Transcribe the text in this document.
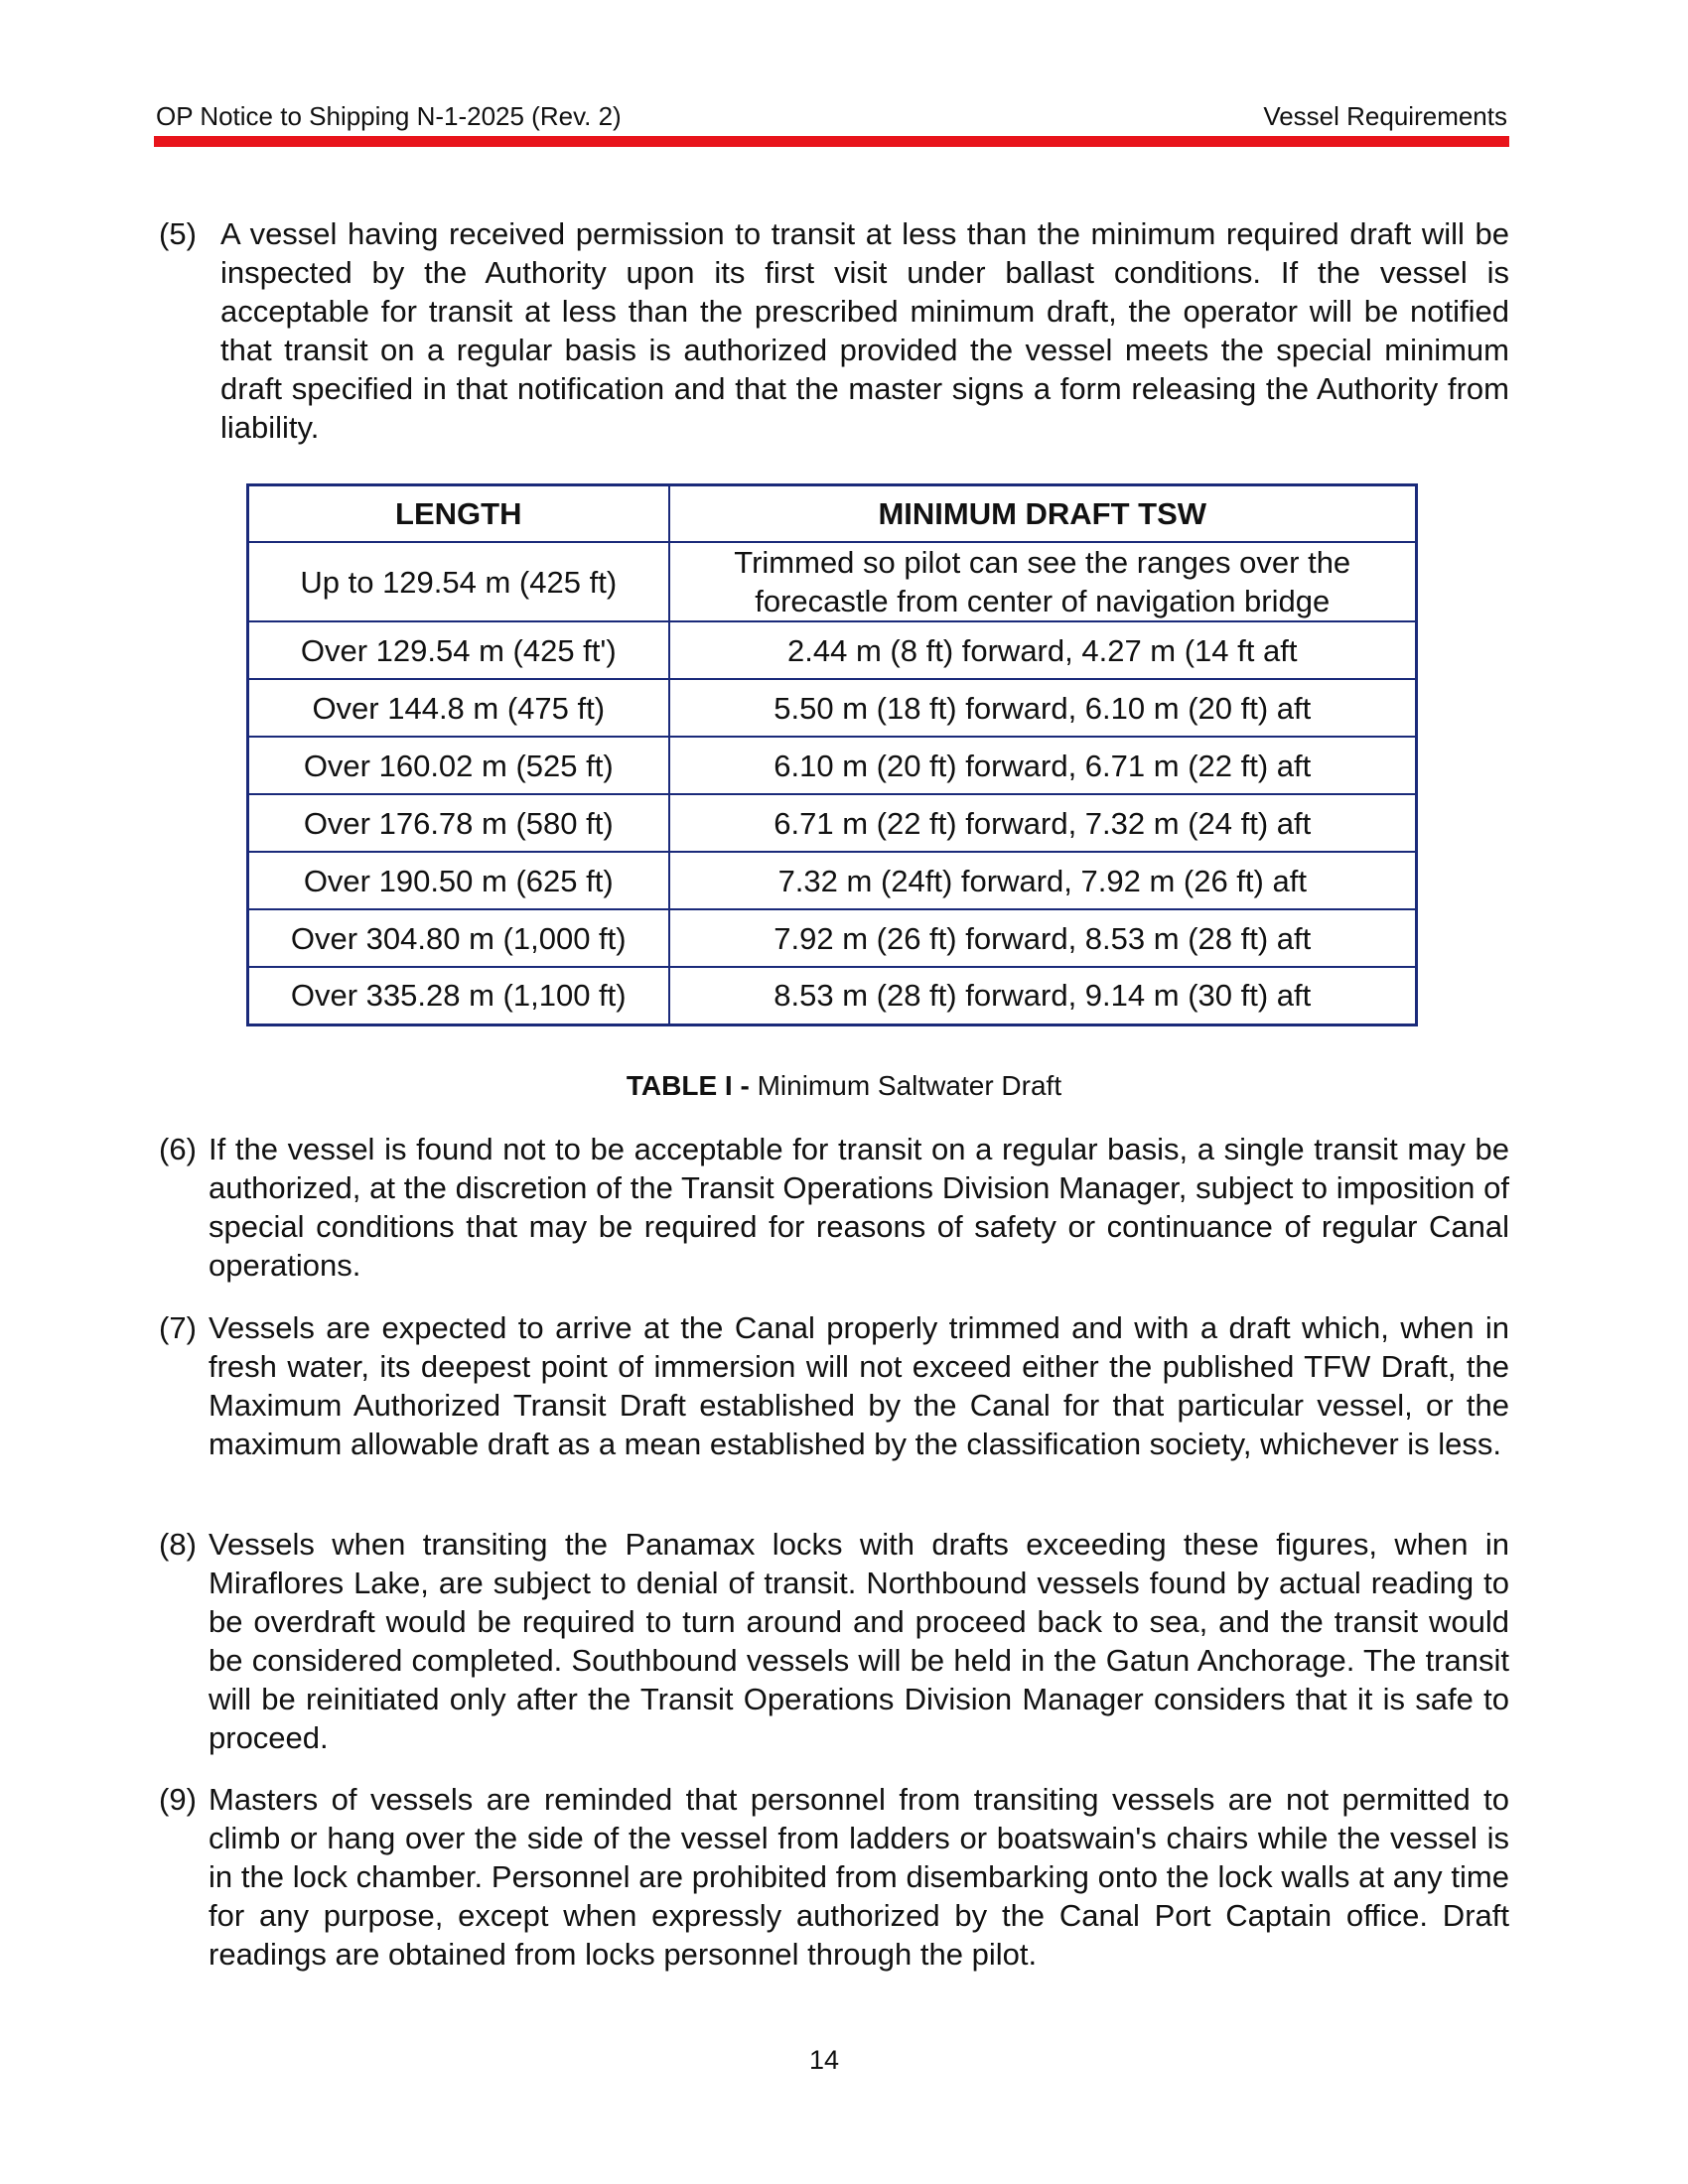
OP Notice to Shipping N-1-2025 (Rev. 2)	Vessel Requirements
(5) A vessel having received permission to transit at less than the minimum required draft will be inspected by the Authority upon its first visit under ballast conditions. If the vessel is acceptable for transit at less than the prescribed minimum draft, the operator will be notified that transit on a regular basis is authorized provided the vessel meets the special minimum draft specified in that notification and that the master signs a form releasing the Authority from liability.
LENGTH	MINIMUM DRAFT TSW
Up to 129.54 m (425 ft)	Trimmed so pilot can see the ranges over the forecastle from center of navigation bridge
Over 129.54 m (425 ft')	2.44 m (8 ft) forward, 4.27 m (14 ft aft
Over 144.8 m (475 ft)	5.50 m (18 ft) forward, 6.10 m (20 ft) aft
Over 160.02 m (525 ft)	6.10 m (20 ft) forward, 6.71 m (22 ft) aft
Over 176.78 m (580 ft)	6.71 m (22 ft) forward, 7.32 m (24 ft) aft
Over 190.50 m (625 ft)	7.32 m (24ft) forward, 7.92 m (26 ft) aft
Over 304.80 m (1,000 ft)	7.92 m (26 ft) forward, 8.53 m (28 ft) aft
Over 335.28 m (1,100 ft)	8.53 m (28 ft) forward, 9.14 m (30 ft) aft
TABLE I - Minimum Saltwater Draft
(6) If the vessel is found not to be acceptable for transit on a regular basis, a single transit may be authorized, at the discretion of the Transit Operations Division Manager, subject to imposition of special conditions that may be required for reasons of safety or continuance of regular Canal operations.
(7) Vessels are expected to arrive at the Canal properly trimmed and with a draft which, when in fresh water, its deepest point of immersion will not exceed either the published TFW Draft, the Maximum Authorized Transit Draft established by the Canal for that particular vessel, or the maximum allowable draft as a mean established by the classification society, whichever is less.
(8) Vessels when transiting the Panamax locks with drafts exceeding these figures, when in Miraflores Lake, are subject to denial of transit. Northbound vessels found by actual reading to be overdraft would be required to turn around and proceed back to sea, and the transit would be considered completed. Southbound vessels will be held in the Gatun Anchorage. The transit will be reinitiated only after the Transit Operations Division Manager considers that it is safe to proceed.
(9) Masters of vessels are reminded that personnel from transiting vessels are not permitted to climb or hang over the side of the vessel from ladders or boatswain's chairs while the vessel is in the lock chamber. Personnel are prohibited from disembarking onto the lock walls at any time for any purpose, except when expressly authorized by the Canal Port Captain office. Draft readings are obtained from locks personnel through the pilot.
14
